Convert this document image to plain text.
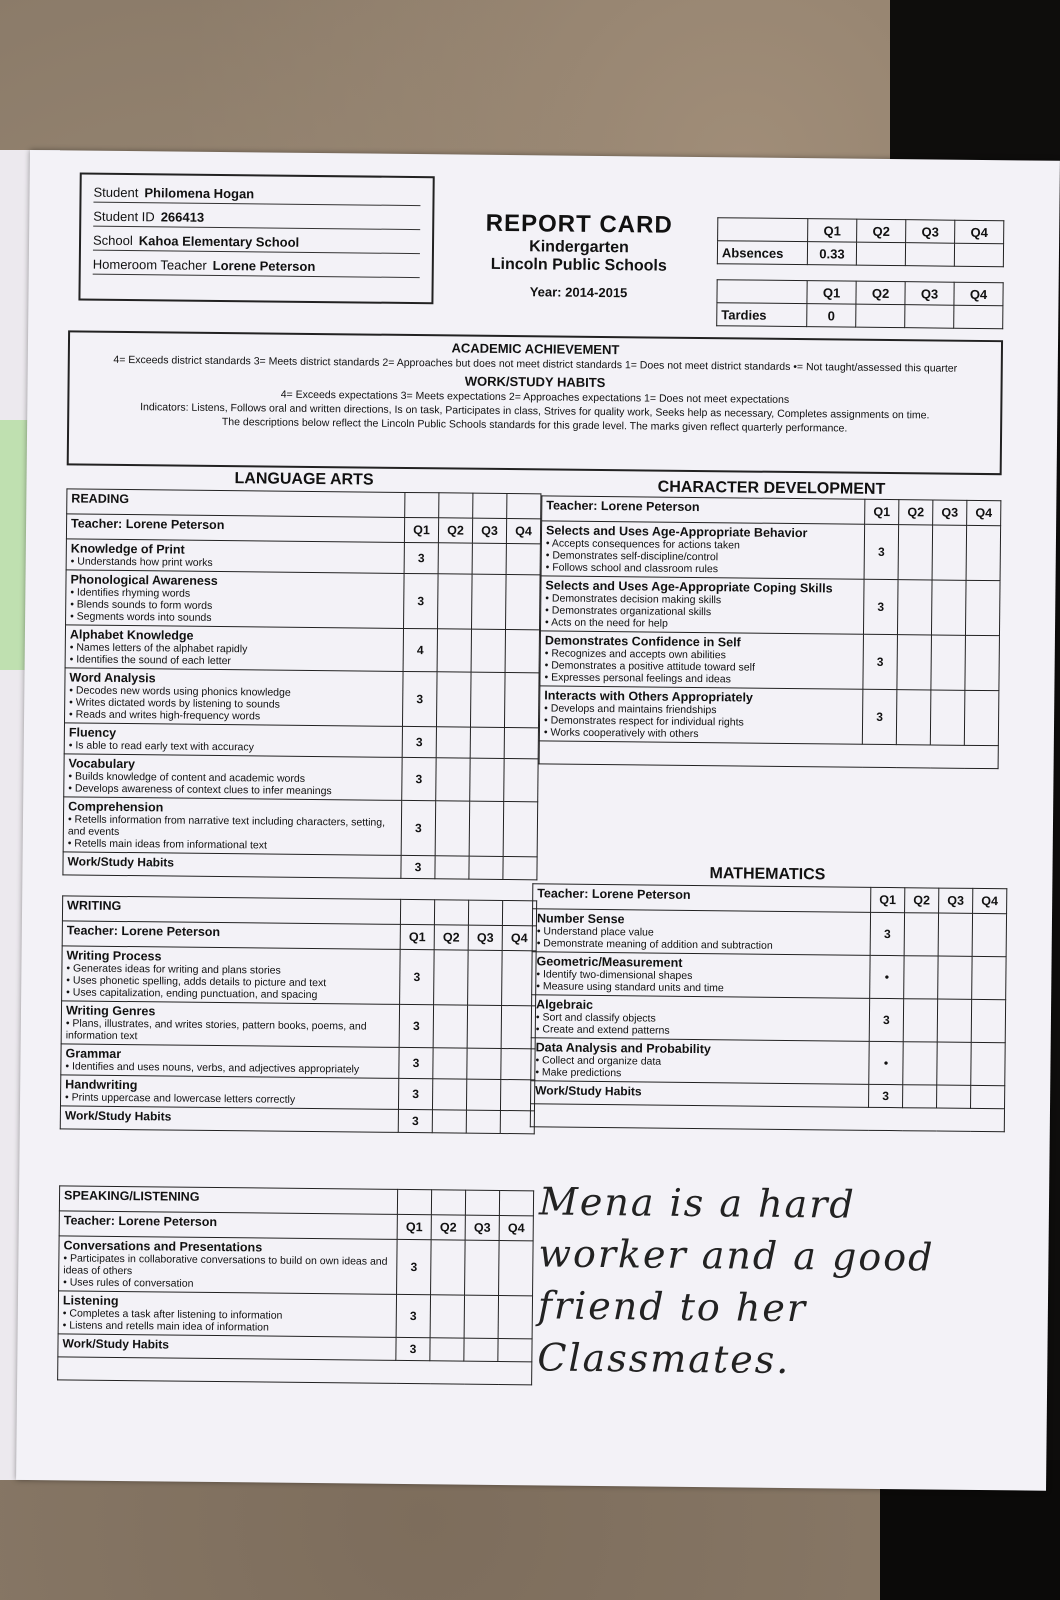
Student Philomena Hogan
Student ID 266413
School Kahoa Elementary School
Homeroom Teacher Lorene Peterson
REPORT CARD
Kindergarten
Lincoln Public Schools
Year: 2014-2015
	Q1	Q2	Q3	Q4
Absences	0.33			
	Q1	Q2	Q3	Q4
Tardies	0			
ACADEMIC ACHIEVEMENT
4= Exceeds district standards 3= Meets district standards 2= Approaches but does not meet district standards 1= Does not meet district standards •= Not taught/assessed this quarter
WORK/STUDY HABITS
4= Exceeds expectations 3= Meets expectations 2= Approaches expectations 1= Does not meet expectations
Indicators: Listens, Follows oral and written directions, Is on task, Participates in class, Strives for quality work, Seeks help as necessary, Completes assignments on time.
The descriptions below reflect the Lincoln Public Schools standards for this grade level. The marks given reflect quarterly performance.
LANGUAGE ARTS	CHARACTER DEVELOPMENT
MATHEMATICS
READING				
Teacher: Lorene Peterson	Q1	Q2	Q3	Q4

Knowledge of Print
• Understands how print works	3			

Phonological Awareness
• Identifies rhyming words
• Blends sounds to form words
• Segments words into sounds	3			

Alphabet Knowledge
• Names letters of the alphabet rapidly
• Identifies the sound of each letter	4			

Word Analysis
• Decodes new words using phonics knowledge
• Writes dictated words by listening to sounds
• Reads and writes high-frequency words	3			

Fluency
• Is able to read early text with accuracy	3			

Vocabulary
• Builds knowledge of content and academic words
• Develops awareness of context clues to infer meanings	3			

Comprehension
• Retells information from narrative text including characters, setting, and events
• Retells main ideas from informational text	3			
Work/Study Habits	3			
WRITING				
Teacher: Lorene Peterson	Q1	Q2	Q3	Q4

Writing Process
• Generates ideas for writing and plans stories
• Uses phonetic spelling, adds details to picture and text
• Uses capitalization, ending punctuation, and spacing	3			

Writing Genres
• Plans, illustrates, and writes stories, pattern books, poems, and information text	3			

Grammar
• Identifies and uses nouns, verbs, and adjectives appropriately	3			

Handwriting
• Prints uppercase and lowercase letters correctly	3			
Work/Study Habits	3			
SPEAKING/LISTENING				
Teacher: Lorene Peterson	Q1	Q2	Q3	Q4

Conversations and Presentations
• Participates in collaborative conversations to build on own ideas and ideas of others
• Uses rules of conversation	3			

Listening
• Completes a task after listening to information
• Listens and retells main idea of information	3			
Work/Study Habits	3			

Teacher: Lorene Peterson	Q1	Q2	Q3	Q4

Selects and Uses Age-Appropriate Behavior
• Accepts consequences for actions taken
• Demonstrates self-discipline/control
• Follows school and classroom rules	3			

Selects and Uses Age-Appropriate Coping Skills
• Demonstrates decision making skills
• Demonstrates organizational skills
• Acts on the need for help	3			

Demonstrates Confidence in Self
• Recognizes and accepts own abilities
• Demonstrates a positive attitude toward self
• Expresses personal feelings and ideas	3			

Interacts with Others Appropriately
• Develops and maintains friendships
• Demonstrates respect for individual rights
• Works cooperatively with others	3			

Teacher: Lorene Peterson	Q1	Q2	Q3	Q4

Number Sense
• Understand place value
• Demonstrate meaning of addition and subtraction	3			

Geometric/Measurement
• Identify two-dimensional shapes
• Measure using standard units and time	•			

Algebraic
• Sort and classify objects
• Create and extend patterns	3			

Data Analysis and Probability
• Collect and organize data
• Make predictions	•			
Work/Study Habits	3			

Mena is a hard worker and a good friend to her Classmates.
